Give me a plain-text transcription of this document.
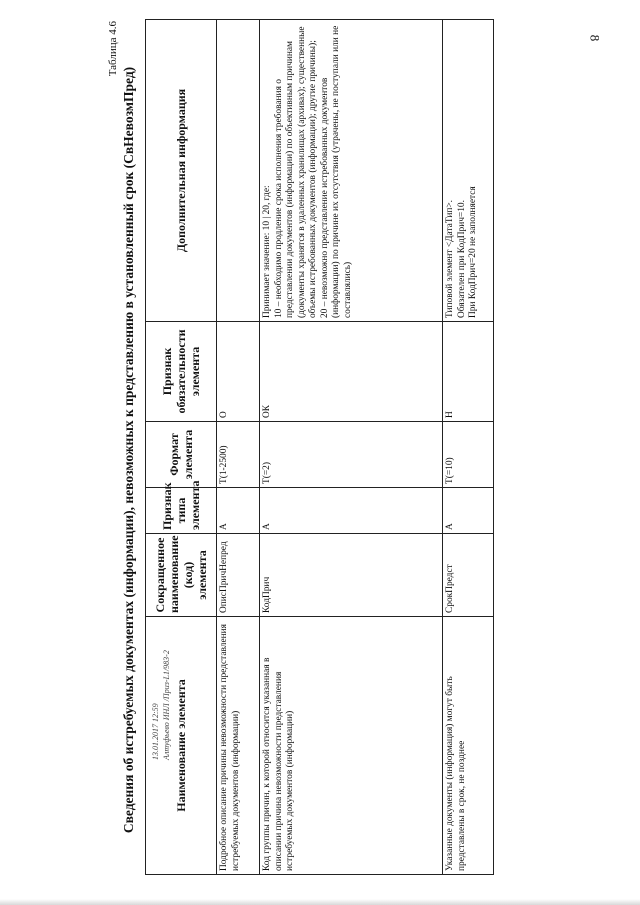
8
Таблица 4.6
Сведения об истребуемых документах (информации), невозможных к представлению в установленный срок (СвНевозмПред)	Наименование элемента	Сокращенное наименование (код) элемента	Признак типа элемента	Формат элемента	Признак обязательности элемента	Дополнительная информация
Подробное описание причины невозможности представления истребуемых документов (информации)	ОписПричНепред	А	T(1-2500)	О	
Код группы причин, к которой относится указанная в описании причина невозможности представления истребуемых документов (информации)	КодПрич	А	T(=2)	ОК	Принимает значение: 10 | 20, где: 10 – необходимо продление срока исполнения требования о представлении документов (информации) по объективным причинам (документы хранятся в удаленных хранилищах (архивах); существенные объемы истребованных документов (информации); другие причины); 20 – невозможно представление истребованных документов (информации) по причине их отсутствия (утрачены, не поступали или не составлялись)

Указанные документы (информация) могут быть представлены в срок, не позднее	СрокПредст	А	T(=10)	Н	Типовой элемент <ДатаТип>. Обязателен при КодПрич=10. При КодПрич=20 не заполняется
13.01.2017 12:59 Алтуфьево ИНЛ /Приз-L1/983-2
